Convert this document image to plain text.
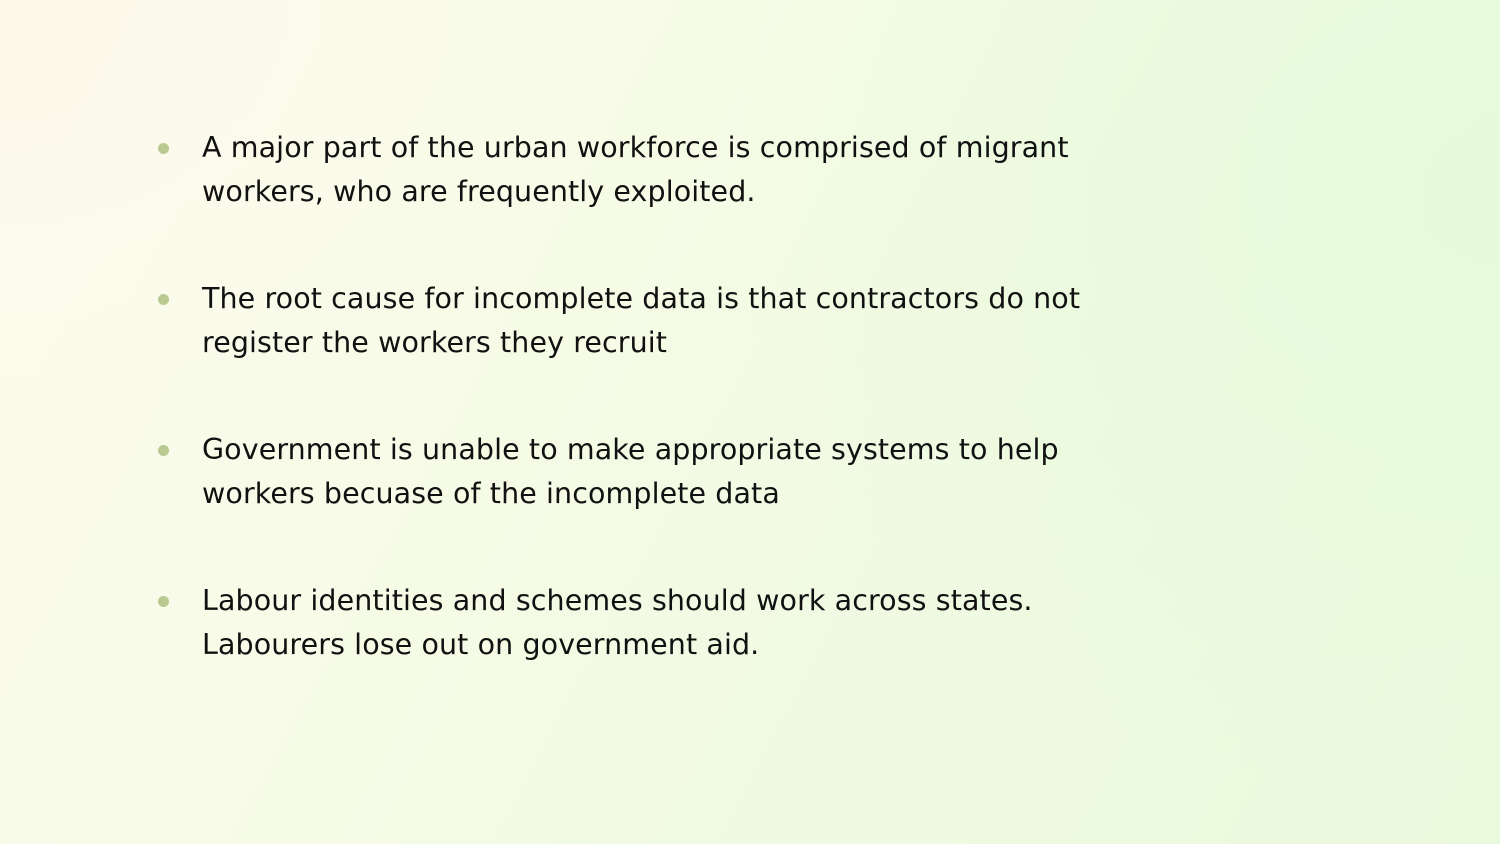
A major part of the urban workforce is comprised of migrant workers, who are frequently exploited.
The root cause for incomplete data is that contractors do not register the workers they recruit
Government is unable to make appropriate systems to help workers becuase of the incomplete data
Labour identities and schemes should work across states. Labourers lose out on government aid.
